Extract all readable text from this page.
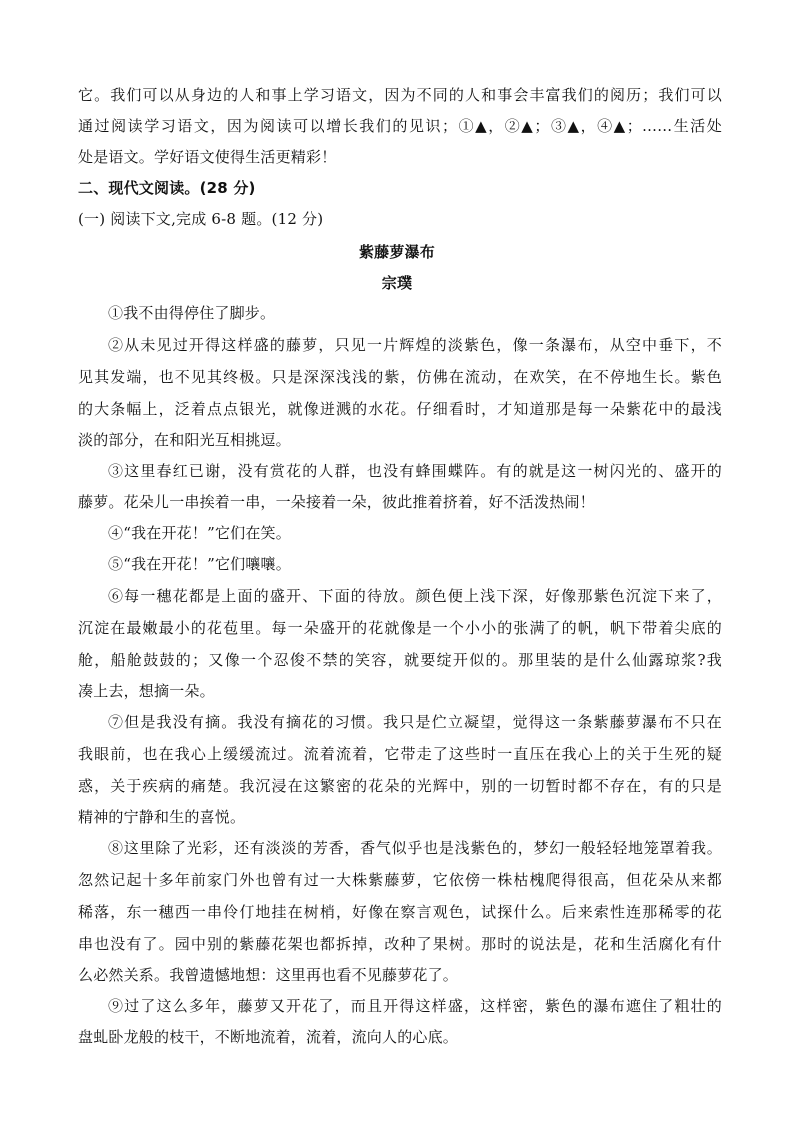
它。我们可以从身边的人和事上学习语文，因为不同的人和事会丰富我们的阅历；我们可以
通过阅读学习语文，因为阅读可以增长我们的见识；①▲，②▲；③▲，④▲；……生活处
处是语文。学好语文使得生活更精彩！
二、现代文阅读。(28 分)
(一) 阅读下文,完成 6-8 题。(12 分)
紫藤萝瀑布
宗璞
①我不由得停住了脚步。
②从未见过开得这样盛的藤萝，只见一片辉煌的淡紫色，像一条瀑布，从空中垂下，不
见其发端，也不见其终极。只是深深浅浅的紫，仿佛在流动，在欢笑，在不停地生长。紫色
的大条幅上，泛着点点银光，就像迸溅的水花。仔细看时，才知道那是每一朵紫花中的最浅
淡的部分，在和阳光互相挑逗。
③这里春红已谢，没有赏花的人群，也没有蜂围蝶阵。有的就是这一树闪光的、盛开的
藤萝。花朵儿一串挨着一串，一朵接着一朵，彼此推着挤着，好不活泼热闹！
④“我在开花！”它们在笑。
⑤“我在开花！”它们嚷嚷。
⑥每一穗花都是上面的盛开、下面的待放。颜色便上浅下深，好像那紫色沉淀下来了，
沉淀在最嫩最小的花苞里。每一朵盛开的花就像是一个小小的张满了的帆，帆下带着尖底的
舱，船舱鼓鼓的；又像一个忍俊不禁的笑容，就要绽开似的。那里装的是什么仙露琼浆?我
凑上去，想摘一朵。
⑦但是我没有摘。我没有摘花的习惯。我只是伫立凝望，觉得这一条紫藤萝瀑布不只在
我眼前，也在我心上缓缓流过。流着流着，它带走了这些时一直压在我心上的关于生死的疑
惑，关于疾病的痛楚。我沉浸在这繁密的花朵的光辉中，别的一切暂时都不存在，有的只是
精神的宁静和生的喜悦。
⑧这里除了光彩，还有淡淡的芳香，香气似乎也是浅紫色的，梦幻一般轻轻地笼罩着我。
忽然记起十多年前家门外也曾有过一大株紫藤萝，它依傍一株枯槐爬得很高，但花朵从来都
稀落，东一穗西一串伶仃地挂在树梢，好像在察言观色，试探什么。后来索性连那稀零的花
串也没有了。园中别的紫藤花架也都拆掉，改种了果树。那时的说法是，花和生活腐化有什
么必然关系。我曾遗憾地想：这里再也看不见藤萝花了。
⑨过了这么多年，藤萝又开花了，而且开得这样盛，这样密，紫色的瀑布遮住了粗壮的
盘虬卧龙般的枝干，不断地流着，流着，流向人的心底。
